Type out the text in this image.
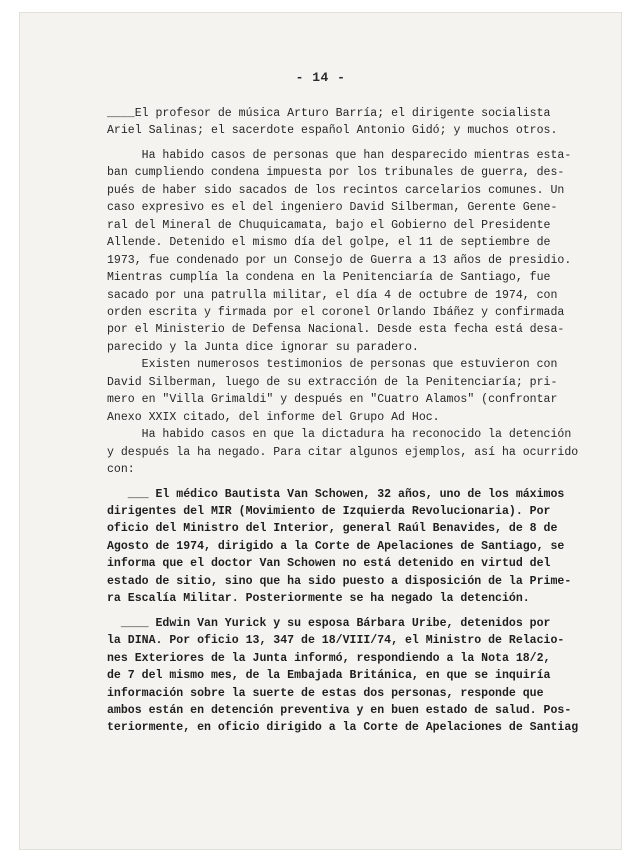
- 14 -
____El profesor de música Arturo Barría; el dirigente socialista
Ariel Salinas; el sacerdote español Antonio Gidó; y muchos otros.
Ha habido casos de personas que han desparecido mientras esta-
ban cumpliendo condena impuesta por los tribunales de guerra, des-
pués de haber sido sacados de los recintos carcelarios comunes. Un
caso expresivo es el del ingeniero David Silberman, Gerente Gene-
ral del Mineral de Chuquicamata, bajo el Gobierno del Presidente
Allende. Detenido el mismo día del golpe, el 11 de septiembre de
1973, fue condenado por un Consejo de Guerra a 13 años de presidio.
Mientras cumplía la condena en la Penitenciaría de Santiago, fue
sacado por una patrulla militar, el día 4 de octubre de 1974, con
orden escrita y firmada por el coronel Orlando Ibáñez y confirmada
por el Ministerio de Defensa Nacional. Desde esta fecha está desa-
parecido y la Junta dice ignorar su paradero.
Existen numerosos testimonios de personas que estuvieron con
David Silberman, luego de su extracción de la Penitenciaría; pri-
mero en "Villa Grimaldi" y después en "Cuatro Alamos" (confrontar
Anexo XXIX citado, del informe del Grupo Ad Hoc.
Ha habido casos en que la dictadura ha reconocido la detención
y después la ha negado. Para citar algunos ejemplos, así ha ocurrido
con:
___ El médico Bautista Van Schowen, 32 años, uno de los máximos
dirigentes del MIR (Movimiento de Izquierda Revolucionaria). Por
oficio del Ministro del Interior, general Raúl Benavides, de 8 de
Agosto de 1974, dirigido a la Corte de Apelaciones de Santiago, se
informa que el doctor Van Schowen no está detenido en virtud del
estado de sitio, sino que ha sido puesto a disposición de la Prime-
ra Escalía Militar. Posteriormente se ha negado la detención.
____ Edwin Van Yurick y su esposa Bárbara Uribe, detenidos por
la DINA. Por oficio 13, 347 de 18/VIII/74, el Ministro de Relacio-
nes Exteriores de la Junta informó, respondiendo a la Nota 18/2,
de 7 del mismo mes, de la Embajada Británica, en que se inquiría
información sobre la suerte de estas dos personas, responde que
ambos están en detención preventiva y en buen estado de salud. Pos-
teriormente, en oficio dirigido a la Corte de Apelaciones de Santiag
